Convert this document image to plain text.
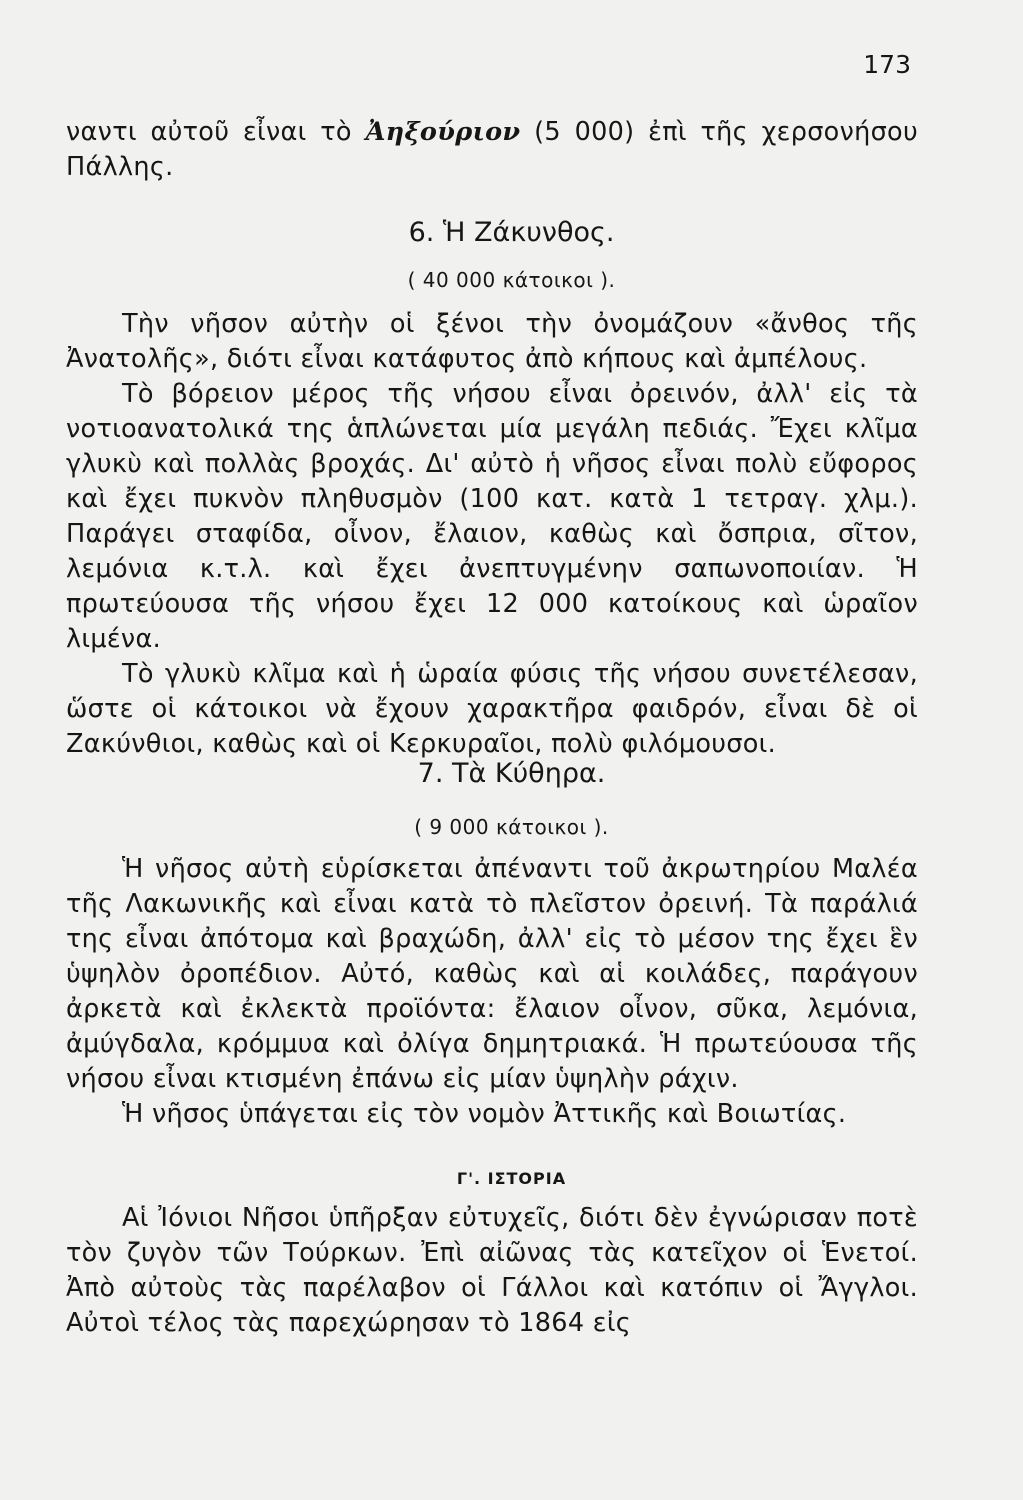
173

ναντι αὐτοῦ εἶναι τὸ Ἀηξούριον (5 000) ἐπὶ τῆς χερσονήσου Πάλλης.

6. Ἡ Ζάκυνθος.
( 40 000 κάτοικοι ).

Τὴν νῆσον αὐτὴν οἱ ξένοι τὴν ὀνομάζουν «ἄνθος τῆς Ἀνατολῆς», διότι εἶναι κατάφυτος ἀπὸ κήπους καὶ ἀμπέλους.

Τὸ βόρειον μέρος τῆς νήσου εἶναι ὀρεινόν, ἀλλ' εἰς τὰ νοτιοανατολικά της ἁπλώνεται μία μεγάλη πεδιάς. Ἔχει κλῖμα γλυκὺ καὶ πολλὰς βροχάς. Δι' αὐτὸ ἡ νῆσος εἶναι πολὺ εὔφορος καὶ ἔχει πυκνὸν πληθυσμὸν (100 κατ. κατὰ 1 τετραγ. χλμ.). Παράγει σταφίδα, οἶνον, ἔλαιον, καθὼς καὶ ὄσπρια, σῖτον, λεμόνια κ.τ.λ. καὶ ἔχει ἀνεπτυγμένην σαπωνοποιίαν. Ἡ πρωτεύουσα τῆς νήσου ἔχει 12 000 κατοίκους καὶ ὡραῖον λιμένα.

Τὸ γλυκὺ κλῖμα καὶ ἡ ὡραία φύσις τῆς νήσου συνετέλεσαν, ὥστε οἱ κάτοικοι νὰ ἔχουν χαρακτῆρα φαιδρόν, εἶναι δὲ οἱ Ζακύνθιοι, καθὼς καὶ οἱ Κερκυραῖοι, πολὺ φιλόμουσοι.

7. Τὰ Κύθηρα.
( 9 000 κάτοικοι ).

Ἡ νῆσος αὐτὴ εὑρίσκεται ἀπέναντι τοῦ ἀκρωτηρίου Μαλέα τῆς Λακωνικῆς καὶ εἶναι κατὰ τὸ πλεῖστον ὀρεινή. Τὰ παράλιά της εἶναι ἀπότομα καὶ βραχώδη, ἀλλ' εἰς τὸ μέσον της ἔχει ἓν ὑψηλὸν ὀροπέδιον. Αὐτό, καθὼς καὶ αἱ κοιλάδες, παράγουν ἀρκετὰ καὶ ἐκλεκτὰ προϊόντα: ἔλαιον οἶνον, σῦκα, λεμόνια, ἀμύγδαλα, κρόμμυα καὶ ὀλίγα δημητριακά. Ἡ πρωτεύουσα τῆς νήσου εἶναι κτισμένη ἐπάνω εἰς μίαν ὑψηλὴν ράχιν.

Ἡ νῆσος ὑπάγεται εἰς τὸν νομὸν Ἀττικῆς καὶ Βοιωτίας.

Γ'. ΙΣΤΟΡΙΑ

Αἱ Ἰόνιοι Νῆσοι ὑπῆρξαν εὐτυχεῖς, διότι δὲν ἐγνώρισαν ποτὲ τὸν ζυγὸν τῶν Τούρκων. Ἐπὶ αἰῶνας τὰς κατεῖχον οἱ Ἑνετοί. Ἀπὸ αὐτοὺς τὰς παρέλαβον οἱ Γάλλοι καὶ κατόπιν οἱ Ἄγγλοι. Αὐτοὶ τέλος τὰς παρεχώρησαν τὸ 1864 εἰς
